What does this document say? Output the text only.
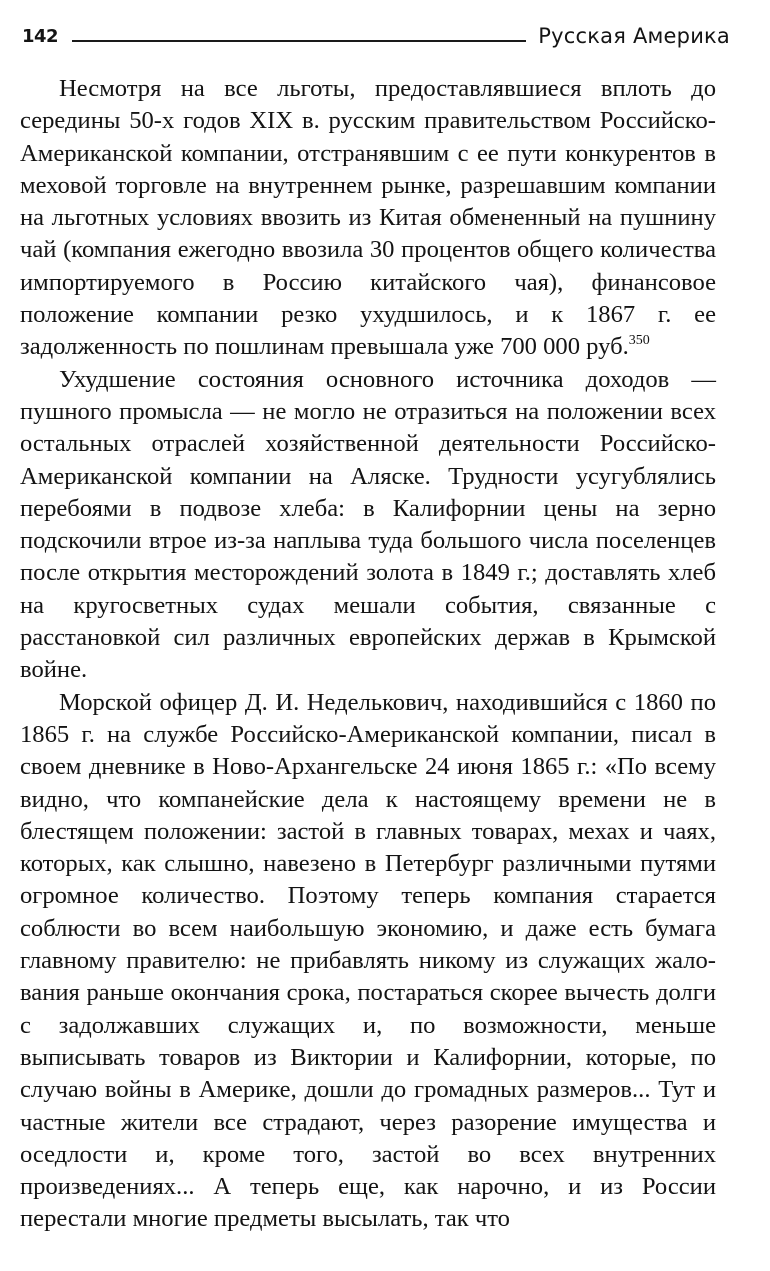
142	Русская Америка

Несмотря на все льготы, предоставлявшиеся вплоть до середины 50-х годов XIX в. русским правительством Российско-Американской компании, отстранявшим с ее пути конкурентов в меховой торговле на внутреннем рынке, разрешавшим компании на льготных условиях ввозить из Китая обмененный на пушнину чай (компания ежегодно ввозила 30 процентов общего количества импортируемого в Россию китайского чая), финансовое положение компании резко ухудшилось, и к 1867 г. ее задолженность по пошлинам превышала уже 700 000 руб.$^{350}$

Ухудшение состояния основного источника доходов — пушного промысла — не могло не отразиться на положении всех остальных отраслей хозяйственной деятельности Российско-Американской компании на Аляске. Трудности усугублялись перебоями в подвозе хлеба: в Калифорнии цены на зерно подскочили втрое из-за наплыва туда большого числа поселенцев после открытия месторождений золота в 1849 г.; доставлять хлеб на кругосветных судах мешали события, связанные с расстановкой сил различных европейских держав в Крымской войне.

Морской офицер Д. И. Неделькович, находившийся с 1860 по 1865 г. на службе Российско-Американской компании, писал в своем дневнике в Ново-Архангельске 24 июня 1865 г.: «По всему видно, что компанейские дела к настоящему времени не в блестящем положении: застой в главных товарах, мехах и чаях, которых, как слышно, навезено в Петербург различными путями огромное количество. Поэтому теперь компания старается соблюсти во всем наибольшую экономию, и даже есть бумага главному правителю: не прибавлять никому из служащих жалования раньше окончания срока, постараться скорее вычесть долги с задолжавших служащих и, по возможности, меньше выписывать товаров из Виктории и Калифорнии, которые, по случаю войны в Америке, дошли до громадных размеров... Тут и частные жители все страдают, через разорение имущества и оседлости и, кроме того, застой во всех внутренних произведениях... А теперь еще, как нарочно, и из России перестали многие предметы высылать, так что
